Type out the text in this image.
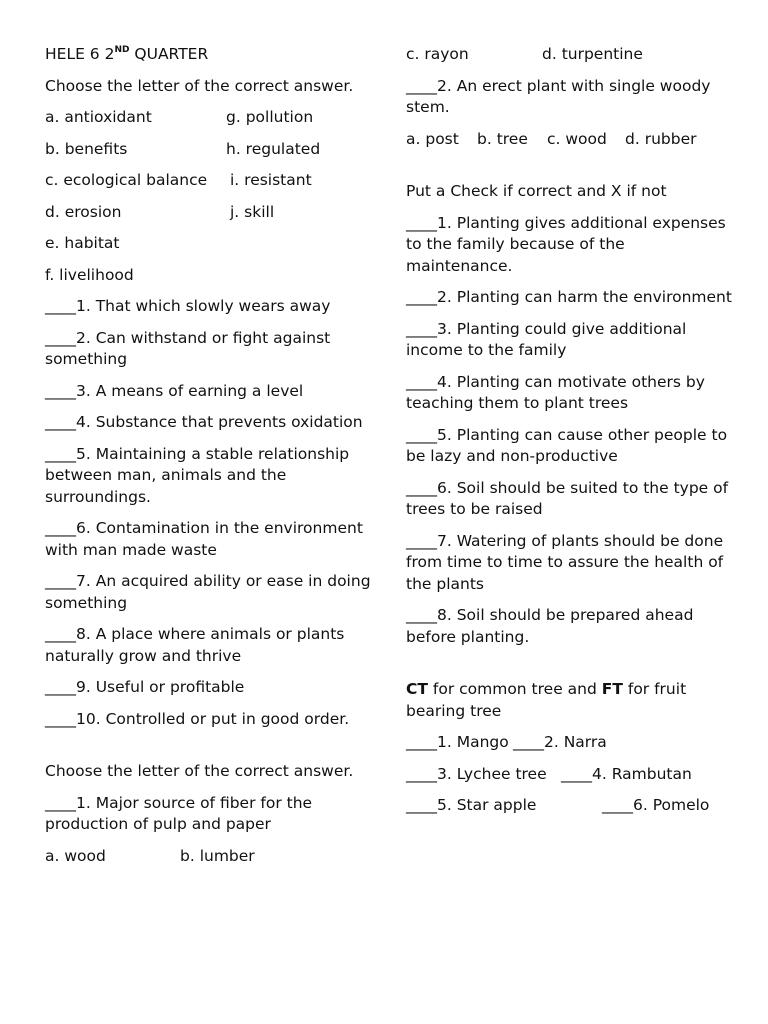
HELE 6 2ND QUARTER

Choose the letter of the correct answer.

a. antioxidant	g. pollution
b. benefits	h. regulated
c. ecological balance	i. resistant
d. erosion	j. skill

e. habitat

f. livelihood

____1. That which slowly wears away

____2. Can withstand or fight against something

____3. A means of earning a level

____4. Substance that prevents oxidation

____5. Maintaining a stable relationship between man, animals and the surroundings.

____6. Contamination in the environment with man made waste

____7. An acquired ability or ease in doing something

____8. A place where animals or plants naturally grow and thrive

____9. Useful or profitable

____10. Controlled or put in good order.

Choose the letter of the correct answer.

____1. Major source of fiber for the production of pulp and paper

a. wood	b. lumber
c. rayon	d. turpentine

____2. An erect plant with single woody stem.

a. post	b. tree	c. wood	d. rubber

Put a Check if correct and X if not

____1. Planting gives additional expenses to the family because of the maintenance.

____2. Planting can harm the environment

____3. Planting could give additional income to the family

____4. Planting can motivate others by teaching them to plant trees

____5. Planting can cause other people to be lazy and non-productive

____6. Soil should be suited to the type of trees to be raised

____7. Watering of plants should be done from time to time to assure the health of the plants

____8. Soil should be prepared ahead before planting.

CT for common tree and FT for fruit bearing tree

____1. Mango ____2. Narra
____3. Lychee tree ____4. Rambutan
____5. Star apple	____6. Pomelo
